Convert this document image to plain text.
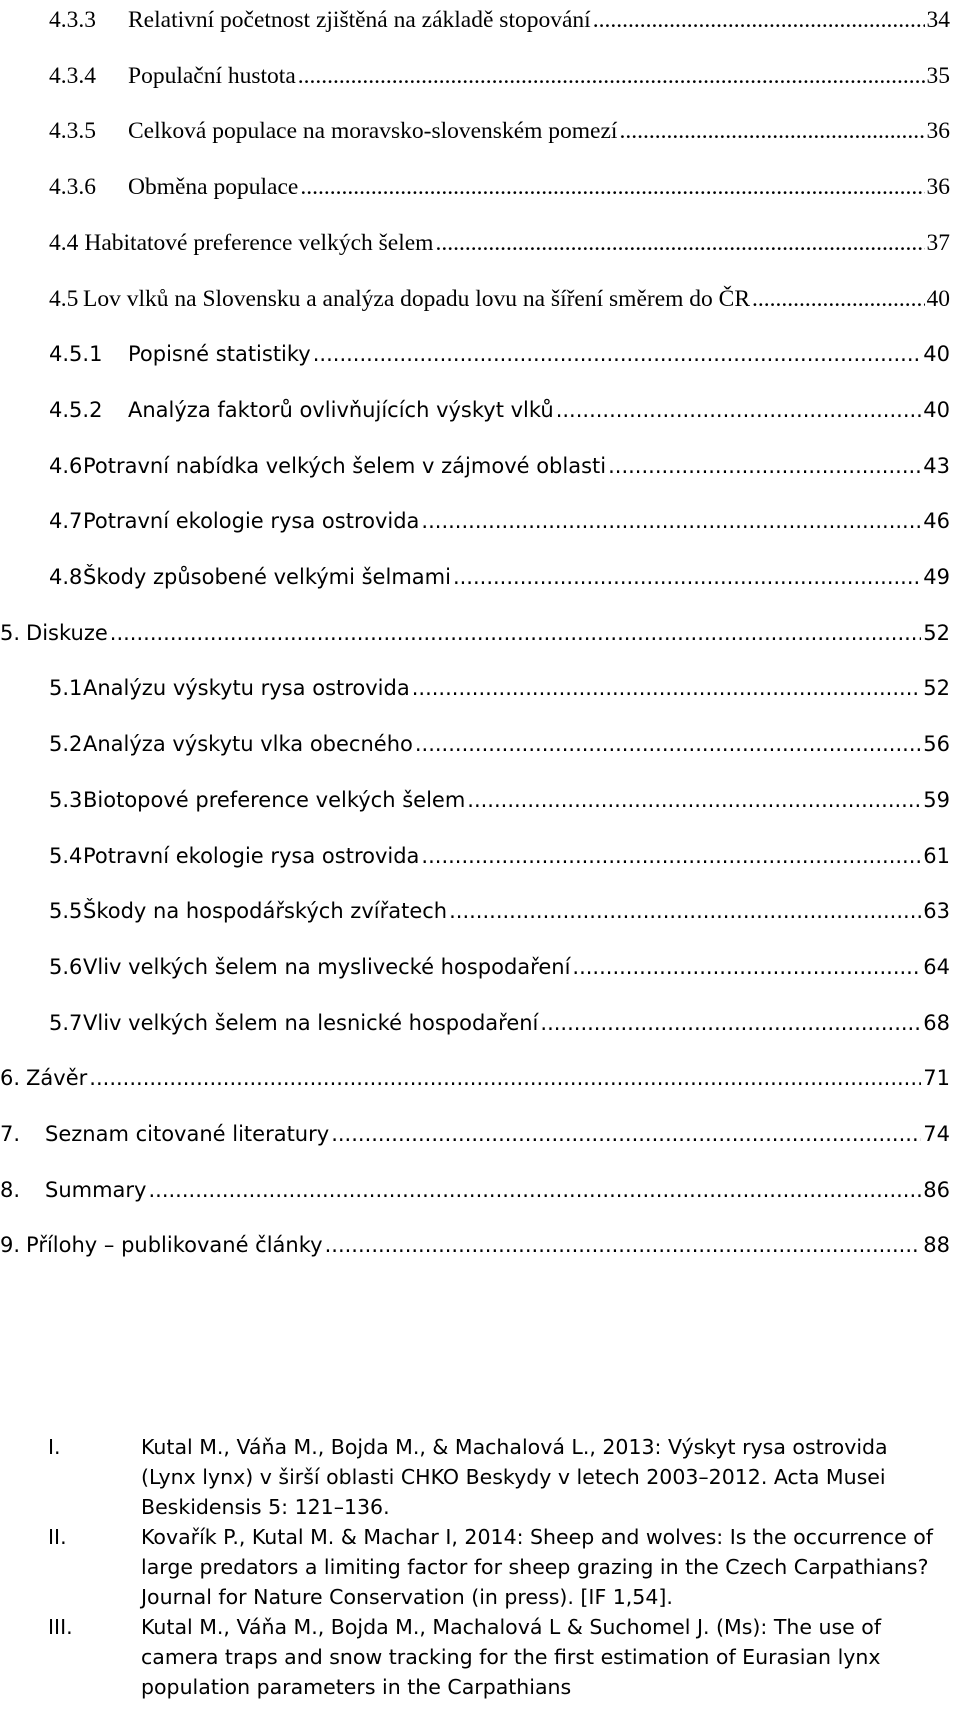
4.3.3	Relativní početnost zjištěná na základě stopování .....	34
4.3.4	Populační hustota .....	35
4.3.5	Celková populace na moravsko-slovenském pomezí .....	36
4.3.6	Obměna populace .....	36
4.4 Habitatové preference velkých šelem .....	37
4.5 Lov vlků na Slovensku a analýza dopadu lovu na šíření směrem do ČR .....	40
4.5.1	Popisné statistiky .....	40
4.5.2	Analýza faktorů ovlivňujících výskyt vlků .....	40
4.6 Potravní nabídka velkých šelem v zájmové oblasti .....	43
4.7 Potravní ekologie rysa ostrovida .....	46
4.8 Škody způsobené velkými šelmami .....	49
5. Diskuze .....	52
5.1 Analýzu výskytu rysa ostrovida .....	52
5.2 Analýza výskytu vlka obecného .....	56
5.3 Biotopové preference velkých šelem .....	59
5.4 Potravní ekologie rysa ostrovida .....	61
5.5 Škody na hospodářských zvířatech .....	63
5.6 Vliv velkých šelem na myslivecké hospodaření .....	64
5.7 Vliv velkých šelem na lesnické hospodaření .....	68
6. Závěr .....	71
7.	Seznam citované literatury .....	74
8.	Summary .....	86
9. Přílohy – publikované články .....	88
I.	Kutal M., Váňa M., Bojda M., & Machalová L., 2013: Výskyt rysa ostrovida (Lynx lynx) v širší oblasti CHKO Beskydy v letech 2003–2012. Acta Musei Beskidensis 5: 121–136.
II.	Kovařík P., Kutal M. & Machar I, 2014: Sheep and wolves: Is the occurrence of large predators a limiting factor for sheep grazing in the Czech Carpathians? Journal for Nature Conservation (in press). [IF 1,54].
III.	Kutal M., Váňa M., Bojda M., Machalová L & Suchomel J. (Ms): The use of camera traps and snow tracking for the first estimation of Eurasian lynx population parameters in the Carpathians
